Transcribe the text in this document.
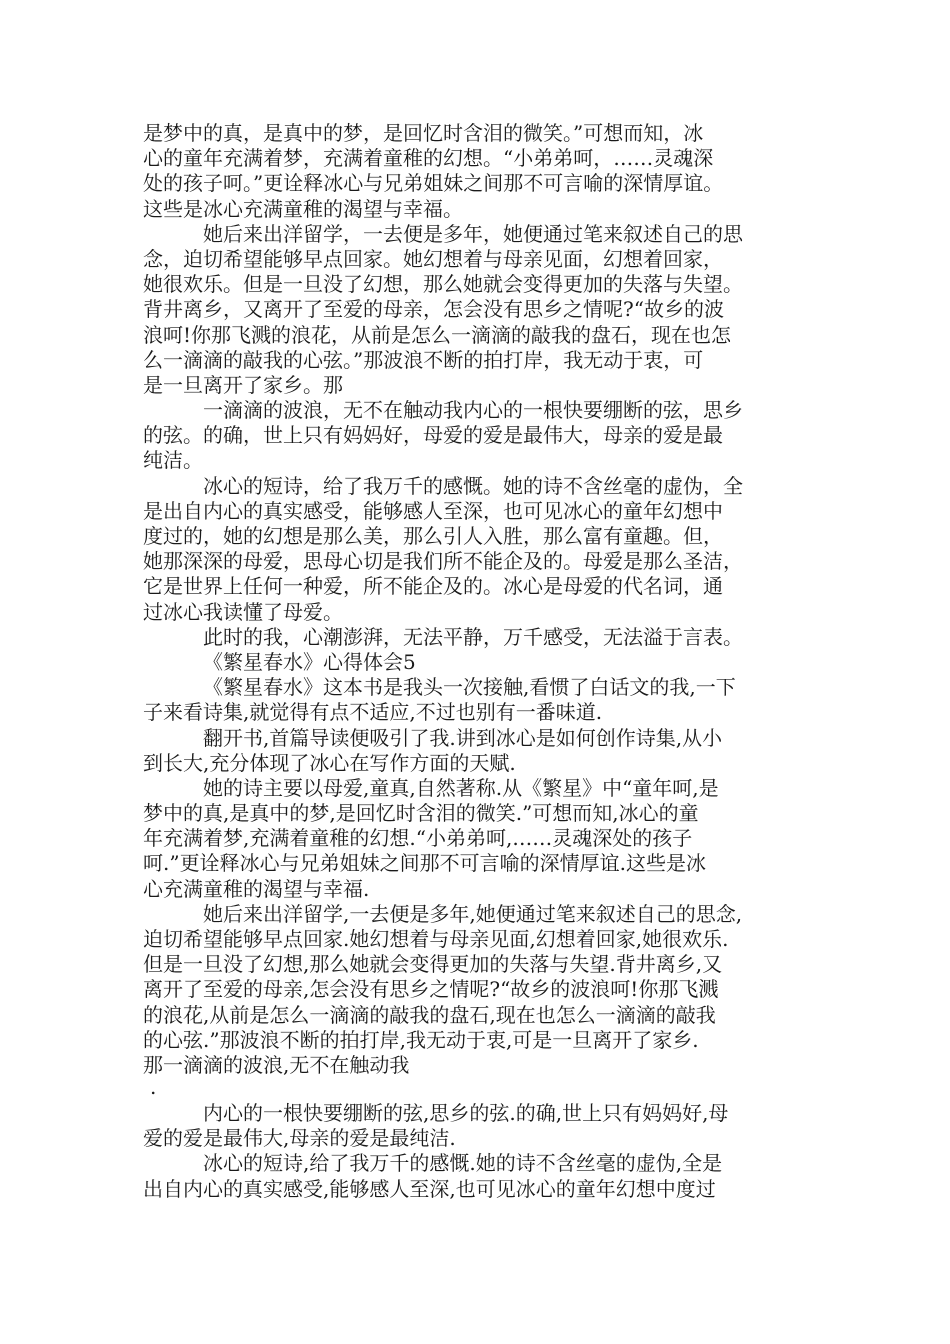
是梦中的真，是真中的梦，是回忆时含泪的微笑。”可想而知，冰
心的童年充满着梦，充满着童稚的幻想。“小弟弟呵，……灵魂深
处的孩子呵。”更诠释冰心与兄弟姐妹之间那不可言喻的深情厚谊。
这些是冰心充满童稚的渴望与幸福。
她后来出洋留学，一去便是多年，她便通过笔来叙述自己的思
念，迫切希望能够早点回家。她幻想着与母亲见面，幻想着回家，
她很欢乐。但是一旦没了幻想，那么她就会变得更加的失落与失望。
背井离乡，又离开了至爱的母亲，怎会没有思乡之情呢?“故乡的波
浪呵!你那飞溅的浪花，从前是怎么一滴滴的敲我的盘石，现在也怎
么一滴滴的敲我的心弦。”那波浪不断的拍打岸，我无动于衷，可
是一旦离开了家乡。那
一滴滴的波浪，无不在触动我内心的一根快要绷断的弦，思乡
的弦。的确，世上只有妈妈好，母爱的爱是最伟大，母亲的爱是最
纯洁。
冰心的短诗，给了我万千的感慨。她的诗不含丝毫的虚伪，全
是出自内心的真实感受，能够感人至深，也可见冰心的童年幻想中
度过的，她的幻想是那么美，那么引人入胜，那么富有童趣。但，
她那深深的母爱，思母心切是我们所不能企及的。母爱是那么圣洁，
它是世界上任何一种爱，所不能企及的。冰心是母爱的代名词，通
过冰心我读懂了母爱。
此时的我，心潮澎湃，无法平静，万千感受，无法溢于言表。
《繁星春水》心得体会5
《繁星春水》这本书是我头一次接触,看惯了白话文的我,一下
子来看诗集,就觉得有点不适应,不过也别有一番味道.
翻开书,首篇导读便吸引了我.讲到冰心是如何创作诗集,从小
到长大,充分体现了冰心在写作方面的天赋.
她的诗主要以母爱,童真,自然著称.从《繁星》中“童年呵,是
梦中的真,是真中的梦,是回忆时含泪的微笑.”可想而知,冰心的童
年充满着梦,充满着童稚的幻想.“小弟弟呵,……灵魂深处的孩子
呵.”更诠释冰心与兄弟姐妹之间那不可言喻的深情厚谊.这些是冰
心充满童稚的渴望与幸福.
她后来出洋留学,一去便是多年,她便通过笔来叙述自己的思念,
迫切希望能够早点回家.她幻想着与母亲见面,幻想着回家,她很欢乐.
但是一旦没了幻想,那么她就会变得更加的失落与失望.背井离乡,又
离开了至爱的母亲,怎会没有思乡之情呢?“故乡的波浪呵!你那飞溅
的浪花,从前是怎么一滴滴的敲我的盘石,现在也怎么一滴滴的敲我
的心弦.”那波浪不断的拍打岸,我无动于衷,可是一旦离开了家乡.
那一滴滴的波浪,无不在触动我
.
内心的一根快要绷断的弦,思乡的弦.的确,世上只有妈妈好,母
爱的爱是最伟大,母亲的爱是最纯洁.
冰心的短诗,给了我万千的感慨.她的诗不含丝毫的虚伪,全是
出自内心的真实感受,能够感人至深,也可见冰心的童年幻想中度过
